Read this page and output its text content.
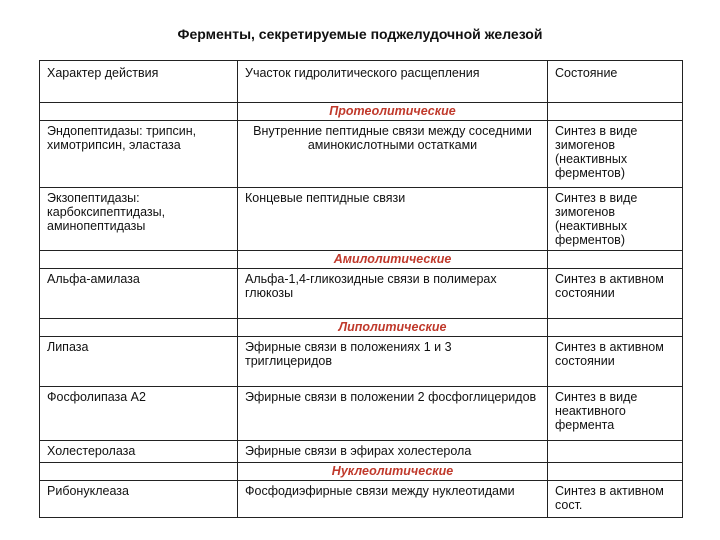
Ферменты, секретируемые поджелудочной железой
Характер действия	Участок гидролитического расщепления	Состояние
	Протеолитические	
Эндопептидазы: трипсин, химотрипсин, эластаза	Внутренние пептидные связи между соседними аминокислотными остатками	Синтез в виде зимогенов (неактивных ферментов)
Экзопептидазы: карбоксипептидазы, аминопептидазы	Концевые пептидные связи	Синтез в виде зимогенов (неактивных ферментов)
	Амилолитические	
Альфа-амилаза	Альфа-1,4-гликозидные связи в полимерах глюкозы	Синтез в активном состоянии
	Липолитические	
Липаза	Эфирные связи в положениях 1 и 3 триглицеридов	Синтез в активном состоянии
Фосфолипаза А2	Эфирные связи в положении 2 фосфоглицеридов	Синтез в виде неактивного фермента
Холестеролаза	Эфирные связи в эфирах холестерола	
	Нуклеолитические	
Рибонуклеаза	Фосфодиэфирные связи между нуклеотидами	Синтез в активном сост.
